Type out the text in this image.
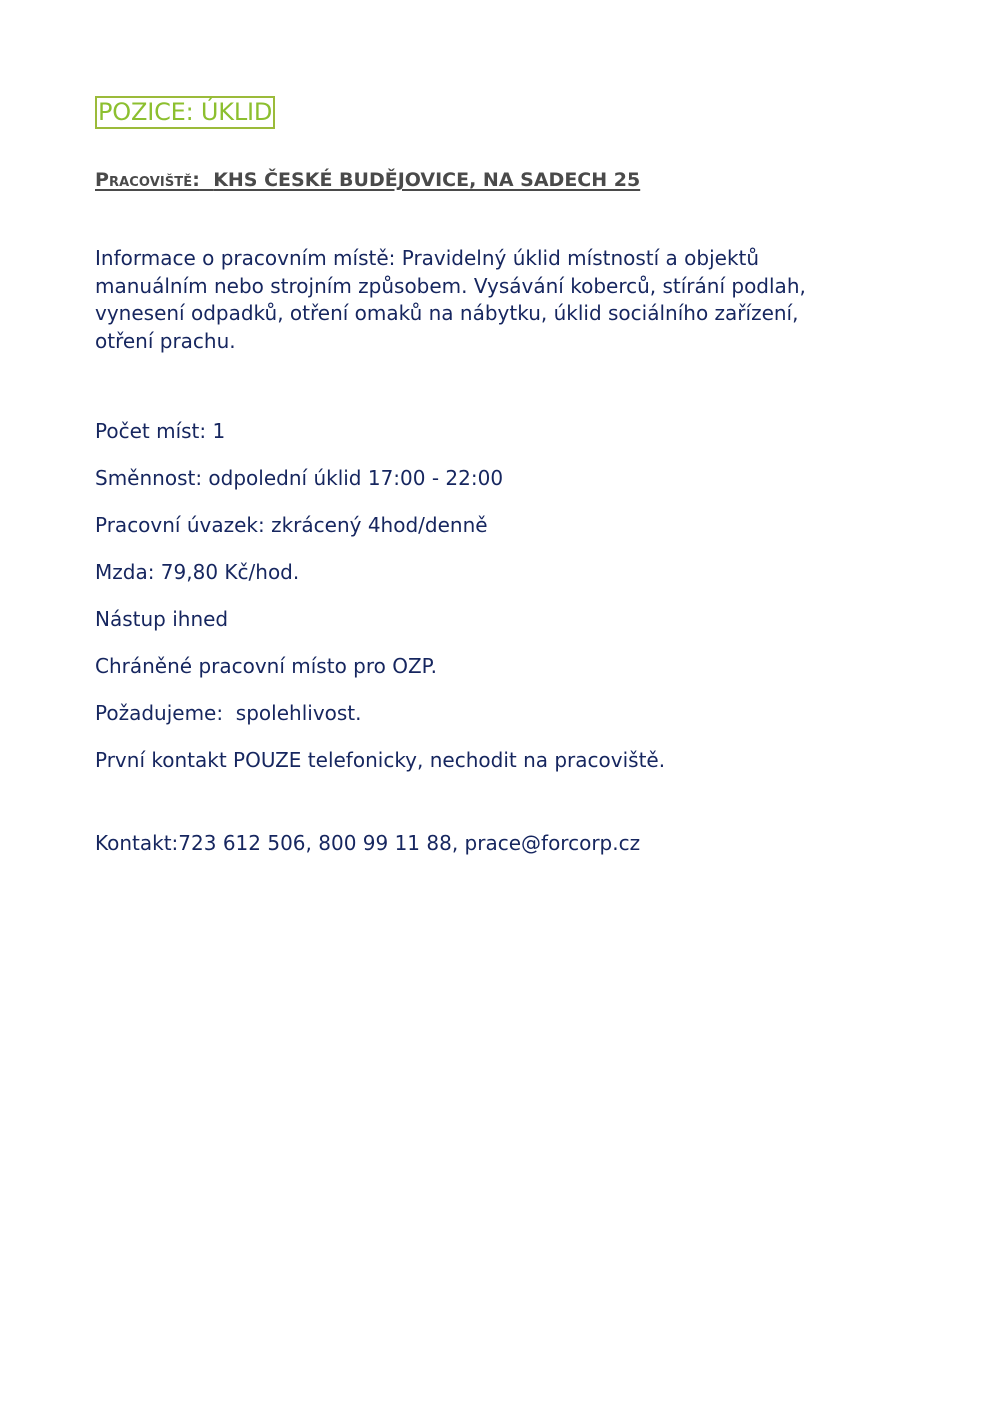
POZICE: ÚKLID
Pracoviště: KHS ČESKÉ BUDĚJOVICE, NA SADECH 25
Informace o pracovním místě: Pravidelný úklid místností a objektů
manuálním nebo strojním způsobem. Vysávání koberců, stírání podlah,
vynesení odpadků, otření omaků na nábytku, úklid sociálního zařízení,
otření prachu.
Počet míst: 1
Směnnost: odpolední úklid 17:00 - 22:00
Pracovní úvazek: zkrácený 4hod/denně
Mzda: 79,80 Kč/hod.
Nástup ihned
Chráněné pracovní místo pro OZP.
Požadujeme:  spolehlivost.
První kontakt POUZE telefonicky, nechodit na pracoviště.
Kontakt:723 612 506, 800 99 11 88, prace@forcorp.cz
